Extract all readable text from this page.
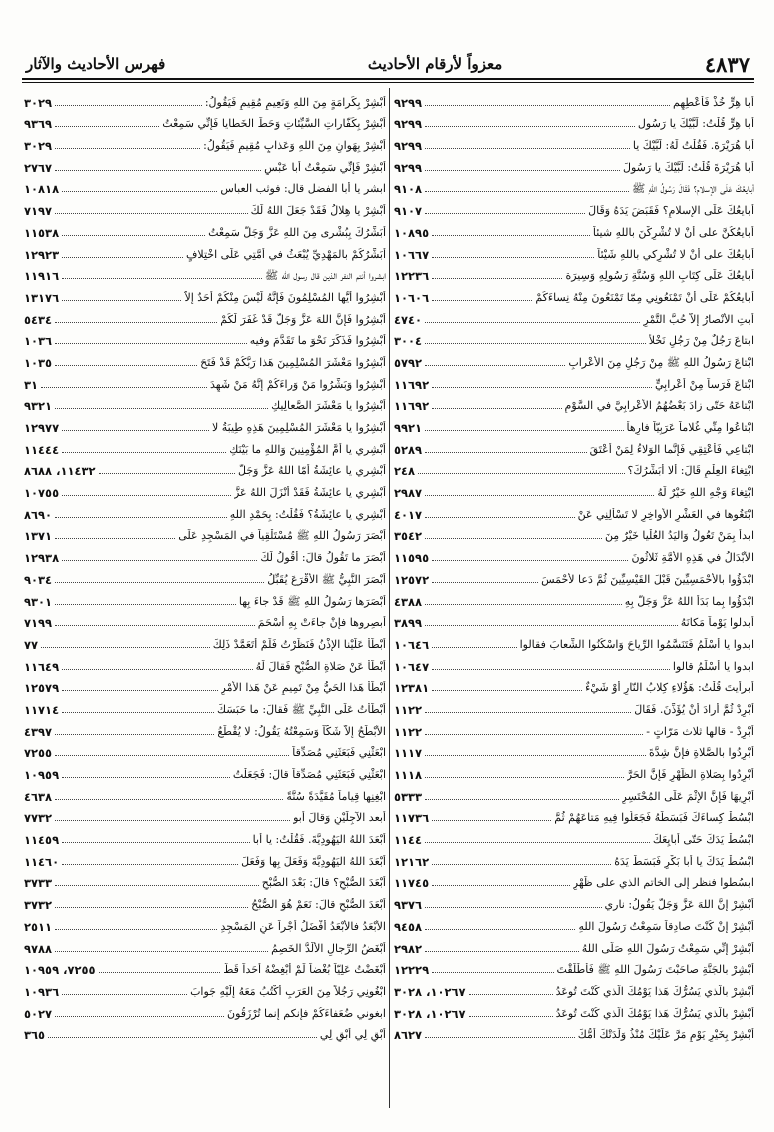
٤٨٣٧
معزواً لأرقام الأحاديث
فهرس الأحاديث والآثار
أبا هِرٍّ خُذْ فَأَعْطِهِم
٩٢٩٩
أبا هِرٍّ قُلْتُ: لَبَّيْكَ يا رَسُول
٩٢٩٩
أبا هُرَيْرَةَ. فَقُلْتُ لَهُ: لَبَّيْكَ يا
٩٢٩٩
أبا هُرَيْرَةَ قُلْتُ: لَبَّيْكَ يا رَسُولَ
٩٢٩٩
أبايعُكَ عَلَى الإسلامِ؟ فَقَالَ رَسُولُ اللهِ ﷺ
٩١٠٨
أبايعُكَ عَلَى الإسلامِ؟ فَقَبَضَ يَدَهُ وَقَالَ
٩١٠٧
أُبايعُكُنَّ على أنْ لا تُشْرِكْنَ باللهِ شيئاً
١٠٨٩٥
أبايعُكَ على أنْ لا تُشْرِكي باللهِ شَيْئاً
١٠٦٦٧
أبايعُكَ عَلَى كِتَابِ اللهِ وَسُنَّةِ رَسُولِهِ وَسِيرَة
١٢٢٣٦
أُبايعُكُمْ عَلَى أنْ تَمْنَعُونِي مِمّا تَمْنَعُونَ مِنْهُ نِساءَكُمْ
١٠٦٠٦
أبتِ الأنْصارُ إلاّ حُبَّ التَّمْرِ
٤٧٤٠
ابتاعَ رَجُلٌ مِنْ رَجُلٍ نَخْلاً
٣٠٠٤
ابْتاعَ رَسُولُ اللهِ ﷺ مِنْ رَجُلٍ مِنَ الأعْرابِ
٥٧٩٢
ابْتاعَ فَرَساً مِنْ أعْرابِيٍّ
١١٦٩٢
ابْتاعَهُ حَتّى زادَ بَعْضُهُمُ الأعْرابِيَّ في السَّوْمِ
١١٦٩٢
ابْتاعُوا مِنِّي غُلاماً عَرَبِيّاً فارِهاً
٩٩٢١
ابْتاعِي فَأعْتِقِي فَإنَّما الوَلاءُ لِمَنْ أعْتَقَ
٥٢٨٩
ابْتِغاءَ العِلْمِ قَالَ: ألا أُبَشِّرُكَ؟
٢٤٨
ابْتِغاءَ وَجْهِ اللهِ خَيْرٌ لَهُ
٢٩٨٧
ابْتَغُوها في العَشْرِ الأواخِرِ لا تَسْألِنِي عَنْ
٤٠١٧
ابدأ بِمَنْ تَعُولُ وَاليَدُ العُلْيا خَيْرٌ مِنَ
٣٥٤٢
الأبْدَالُ في هَذِهِ الأُمَّةِ ثَلاثُونَ
١١٥٩٥
ابْدَؤُوا بالأحْمَسِيِّينَ قَبْلَ القَيْسِيِّينَ ثُمَّ دَعا لأحْمَسَ
١٢٥٧٢
ابْدَؤُوا بِما بَدَأَ اللهُ عَزَّ وَجَلَّ بِهِ
٤٣٨٨
أبدلوا يَوْماً مَكانَهُ
٣٨٩٩
ابدوا يا أسْلَمُ فَتَنَسَّمُوا الرِّياحَ وَاسْكُنُوا الشِّعابَ فقالوا
١٠٦٤٦
ابدوا يا أسْلَمُ قالوا
١٠٦٤٧
أبرأيتَ قُلْتُ: هَؤُلاءِ كِلابُ النّارِ أوْ شَيْءٌ
١٢٣٨١
أبْرِدْ ثُمَّ أرادَ أنْ يُؤَذِّنَ. فَقَالَ
١١٢٢
أبْرِدْ - قالها ثلاث مَرّاتٍ -
١١٢٢
أبْرِدُوا بالصَّلاةِ فإنَّ شِدَّةَ
١١١٧
أبْرِدُوا بِصَلاةِ الظُّهْرِ فَإنَّ الحَرَّ
١١١٨
أبْرِيهَا فَإنَّ الإثْمَ عَلَى المُحْتَسِرِ
٥٣٣٣
ابْسُطْ كِساءَكَ فَبَسَطَهُ فَجَعَلُوا فِيهِ مَتاعَهُمْ ثُمَّ
١١٧٣٦
ابْسُطْ يَدَكَ حَتّى أُبايِعَكَ
١١٤٤
ابْسُطْ يَدَكَ يا أبا بَكْرٍ فَبَسَطَ يَدَهُ
١٢١٦٢
ابسُطوا فنظر إلى الخاتم الذي على ظَهْرِ
١١٧٤٥
أبْشِرْ إنَّ اللهَ عَزَّ وَجَلَّ يَقُولُ: ناري
٩٣٧٦
أبْشِرْ إنْ كُنْتَ صادِقاً سَمِعْتُ رَسُولَ اللهِ
٩٤٥٨
أبْشِرْ إنِّي سَمِعْتُ رَسُولَ اللهِ صَلّى اللهُ
٢٩٨٢
أبْشِرْ بالجَنَّةِ صاحَبْتَ رَسُولَ اللهِ ﷺ فَأطْلَقْتَ
١٢٢٢٩
أبْشِرْ بالَّذي يَسُرُّكَ هَذا يَوْمُكَ الَّذي كُنْتَ تُوعَدُ
١٠٢٦٧، ٣٠٢٨
أبْشِرْ بالَّذي يَسُرُّكَ هَذا يَوْمُكَ الَّذي كُنْتَ تُوعَدُ
١٠٢٦٧، ٣٠٢٨
أبْشِرْ بِخَيْرِ يَوْمٍ مَرَّ عَلَيْكَ مُنْذُ وَلَدَتْكَ أُمُّكَ
٨٦٢٧
أبْشِرْ بِكَرامَةٍ مِنَ اللهِ وَنَعِيمٍ مُقِيمٍ فَيَقُولُ:
٣٠٢٩
أبْشِرْ بِكَفّاراتِ السَّيِّئاتِ وَحَطِّ الخَطايا فَإنِّي سَمِعْتُ
٩٣٦٩
أبْشِرْ بِهَوانٍ مِنَ اللهِ وَعَذابٍ مُقِيمٍ فَيَقُولُ:
٣٠٢٩
أبْشِرْ فَإنِّي سَمِعْتُ أبا عَبْسٍ
٢٧٦٧
ابشر يا أبا الفضل قال: فوثب العباس
١٠٨١٨
أبْشِرْ يا هِلالُ فَقَدْ جَعَلَ اللهُ لَكَ
٧١٩٧
أُبَشِّرُكَ بِبُشْرى مِنَ اللهِ عَزَّ وَجَلَّ سَمِعْتُ
١١٥٣٨
أُبَشِّرُكُمْ بالمَهْدِيِّ يُبْعَثُ في أُمَّتِي عَلَى اخْتِلافٍ
١٢٩٢٣
ابشروا أنتم النفر الذين قال رسول الله ﷺ
١١٩١٦
أبْشِرُوا أيُّها المُسْلِمُونَ فَإنَّهُ لَيْسَ مِنْكُمْ أحَدٌ إلاّ
١٣١٧٦
أبْشِرُوا فَإنَّ اللهَ عَزَّ وَجَلَّ قَدْ غَفَرَ لَكُمْ
٥٤٣٤
أبْشِرُوا فَذَكَرَ نَحْوَ ما تَقَدَّمَ وفيه
١٠٣٦
أبْشِرُوا مَعْشَرَ المُسْلِمِينَ هَذا رَبُّكُمْ قَدْ فَتَحَ
١٠٣٥
أبْشِرُوا وَبَشِّرُوا مَنْ وَراءَكُمْ إنَّهُ مَنْ شَهِدَ
٣١
أبْشِرُوا يا مَعْشَرَ الصَّعالِيكِ
٩٣٢١
أبْشِرُوا يا مَعْشَرَ المُسْلِمِينَ هَذِهِ طِيبَةُ لا
١٢٩٧٧
أبْشِري يا أُمَّ المُؤْمِنِينَ وَاللهِ ما بَيْنَكِ
١١٤٤٤
أبْشِري يا عائِشَةُ أمّا اللهُ عَزَّ وَجَلَّ
١١٤٣٢، ٨٦٨٨
أبْشِري يا عائِشَةُ فَقَدْ أنْزَلَ اللهُ عَزَّ
١٠٧٥٥
أبْشِري يا عائِشَةُ؟ فَقُلْتُ: بِحَمْدِ اللهِ
٨٦٩٠
أبْصَرَ رَسُولُ اللهِ ﷺ مُسْتَلْقِياً في المَسْجِدِ عَلَى
١٣٧١
أبْصَرَ ما تَقُولُ قالَ: أقُولُ لَكَ
١٢٩٣٨
أبْصَرَ النَّبِيُّ ﷺ الأقْرَعَ يُقَبِّلُ
٩٠٣٤
أبْصَرَها رَسُولُ اللهِ ﷺ قَدْ جاءَ بِها
٩٣٠١
أبصِروها فإنْ جاءَتْ بِهِ أسْحَمَ
٧١٩٩
أبْطَأَ عَلَيْنا الإذْنُ فَنَظَرْتُ فَلَمْ أتَعَمَّدْ ذَلِكَ
٧٧
أبْطَأَ عَنْ صَلاةِ الصُّبْحِ فَقالَ لَهُ
١١٦٤٩
أبْطَأَ هَذا الحَيُّ مِنْ تَمِيمٍ عَنْ هَذا الأمْرِ
١٢٥٧٩
أبْطَأْتُ عَلَى النَّبِيِّ ﷺ فَقالَ: ما حَبَسَكَ
١١٧١٤
الأبْطَحُ إلاّ شَكّاً وَسَمِعْتُهُ يَقُولُ: لا يُقْطَعُ
٤٣٩٧
ابْعَثْنِي فَبَعَثَنِي مُصَدِّقاً
٧٢٥٥
ابْعَثْنِي فَبَعَثَنِي مُصَدِّقاً قالَ: فَجَعَلْتُ
١٠٩٥٩
ابْغِنِها قِياماً مُقَيَّدَةً سُنَّةً
٤٦٣٨
أبعد الآجِلَيْنِ وَقالَ أبو
٧٧٣٢
أبْعَدَ اللهُ اليَهُودِيَّةَ. فَقُلْتُ: يا أبا
١١٤٥٩
أبْعَدَ اللهُ اليَهُودِيَّةَ وَفَعَلَ بِها وَفَعَلَ
١١٤٦٠
أبْعَدَ الصُّبْحِ؟ قالَ: بَعْدَ الصُّبْحِ
٣٧٣٣
أبْعَدَ الصُّبْحِ قالَ: نَعَمْ هُوَ الصُّبْحُ
٣٧٣٢
الأبْعَدُ فالأبْعَدُ أفْضَلُ أجْراً عَنِ المَسْجِدِ
٢٥١١
أبْغَضُ الرِّجالِ الألَدُّ الخَصِمُ
٩٧٨٨
أبْغَضْتُ عَلِيّاً بُغْضاً لَمْ أُبْغِضْهُ أحَداً قَطُّ
٧٢٥٥، ١٠٩٥٩
ابْغُونِي رَجُلاً مِنَ العَرَبِ أكْتُبُ مَعَهُ إلَيْهِ جَوابَ
١٠٩٣٦
ابغوني ضُعَفاءَكُمْ فإنكم إنما تُرْزَقُونَ
٥٠٢٧
أبْقِ لِي أبْقِ لِي
٣٦٥
